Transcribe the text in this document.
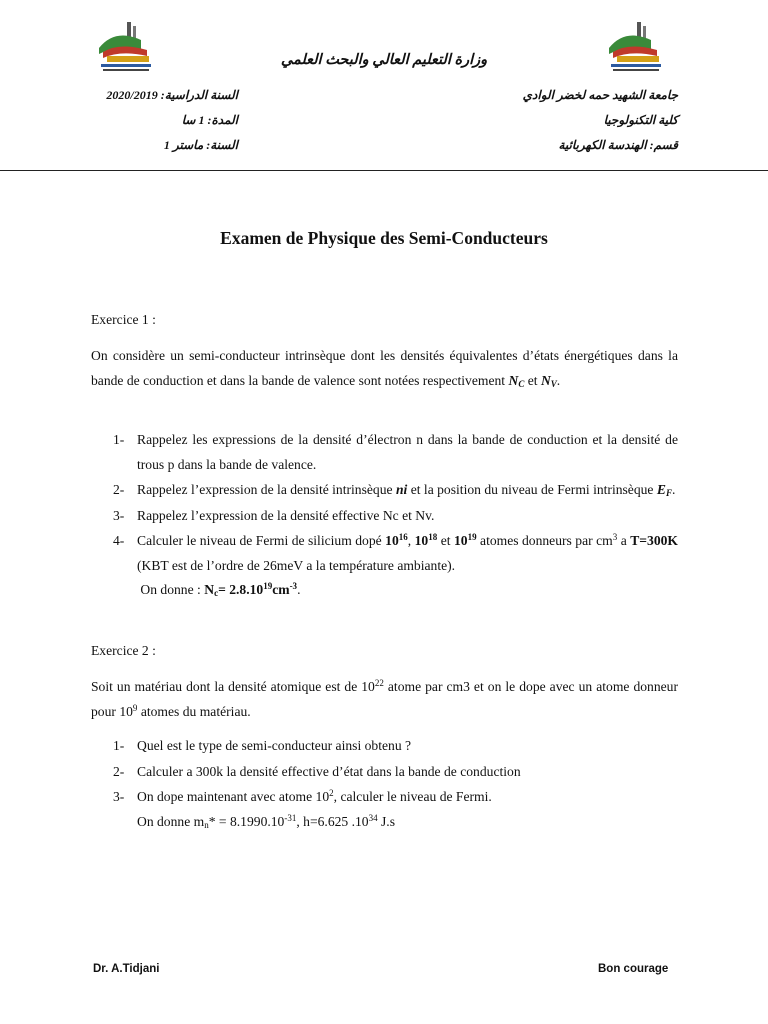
وزارة التعليم العالي والبحث العلمي
جامعة الشهيد حمه لخضر الوادي
كلية التكنولوجيا
قسم: الهندسة الكهربائية
السنة الدراسية: 2020/2019
المدة: 1 سا
السنة: ماستر 1
Examen de Physique des Semi-Conducteurs
Exercice 1 :
On considère un semi-conducteur intrinsèque dont les densités équivalentes d’états énergétiques dans la bande de conduction et dans la bande de valence sont notées respectivement $N_C$ et $N_V$.
1- Rappelez les expressions de la densité d’électron n dans la bande de conduction et la densité de trous p dans la bande de valence.
2- Rappelez l’expression de la densité intrinsèque ni et la position du niveau de Fermi intrinsèque $E_F$.
3- Rappelez l’expression de la densité effective Nc et Nv.
4- Calculer le niveau de Fermi de silicium dopé $10^{16}$, $10^{18}$ et $10^{19}$ atomes donneurs par $cm^3$ a T=300K (KBT est de l’ordre de 26meV a la température ambiante).
On donne : $N_c= 2.8.10^{19}cm^{-3}$.
Exercice 2 :
Soit un matériau dont la densité atomique est de $10^{22}$ atome par cm3 et on le dope avec un atome donneur pour $10^9$ atomes du matériau.
1- Quel est le type de semi-conducteur ainsi obtenu ?
2- Calculer a 300k la densité effective d’état dans la bande de conduction
3- On dope maintenant avec atome $10^2$, calculer le niveau de Fermi.
On donne $m_n* = 8.1990.10^{-31}$, h=6.625 $.10^{34}$ J.s
Dr. A.Tidjani	Bon courage
